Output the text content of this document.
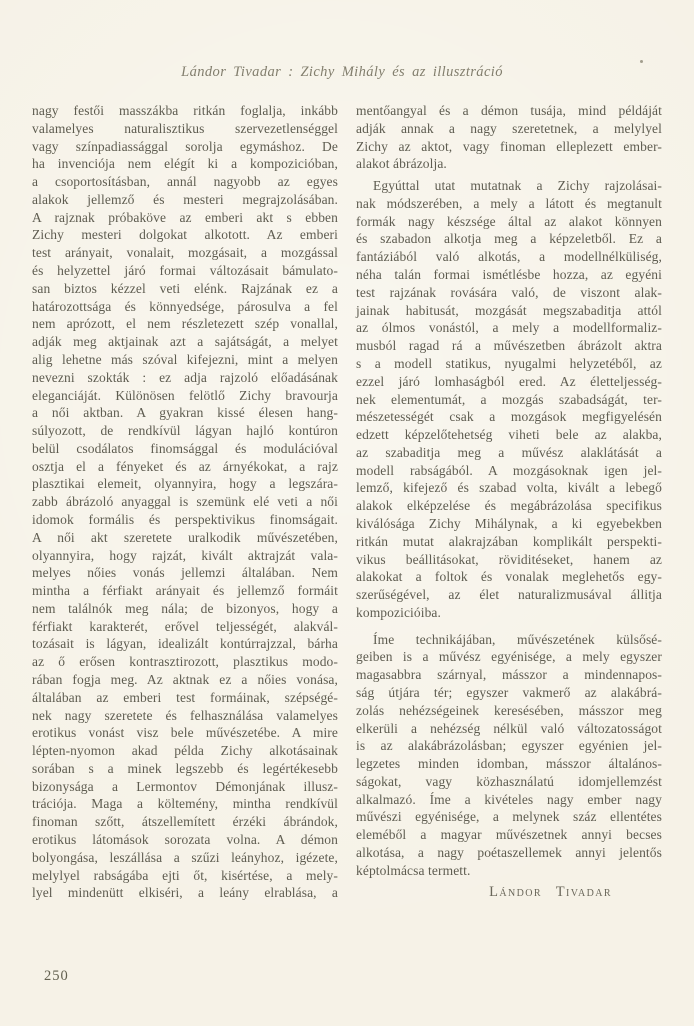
Lándor Tivadar : Zichy Mihály és az illusztráció
nagy festői masszákba ritkán foglalja, inkább
valamelyes naturalisztikus szervezetlenséggel
vagy színpadiassággal sorolja egymáshoz. De
ha invenciója nem elégít ki a kompozicióban,
a csoportosításban, annál nagyobb az egyes
alakok jellemző és mesteri megrajzolásában.
A rajznak próbaköve az emberi akt s ebben
Zichy mesteri dolgokat alkotott. Az emberi
test arányait, vonalait, mozgásait, a mozgással
és helyzettel járó formai változásait bámulato-
san biztos kézzel veti elénk. Rajzának ez a
határozottsága és könnyedsége, párosulva a fel
nem aprózott, el nem részletezett szép vonallal,
adják meg aktjainak azt a sajátságát, a melyet
alig lehetne más szóval kifejezni, mint a melyen
nevezni szokták : ez adja rajzoló előadásának
eleganciáját. Különösen felötlő Zichy bravourja
a női aktban. A gyakran kissé élesen hang-
súlyozott, de rendkívül lágyan hajló kontúron
belül csodálatos finomsággal és modulációval
osztja el a fényeket és az árnyékokat, a rajz
plasztikai elemeit, olyannyira, hogy a legszára-
zabb ábrázoló anyaggal is szemünk elé veti a női
idomok formális és perspektivikus finomságait.
A női akt szeretete uralkodik művészetében,
olyannyira, hogy rajzát, kivált aktrajzát vala-
melyes nőies vonás jellemzi általában. Nem
mintha a férfiakt arányait és jellemző formáit
nem találnók meg nála; de bizonyos, hogy a
férfiakt karakterét, erővel teljességét, alakvál-
tozásait is lágyan, idealizált kontúrrajzzal, bárha
az ő erősen kontrasztirozott, plasztikus modo-
rában fogja meg. Az aktnak ez a nőies vonása,
általában az emberi test formáinak, szépségé-
nek nagy szeretete és felhasználása valamelyes
erotikus vonást visz bele művészetébe. A mire
lépten-nyomon akad példa Zichy alkotásainak
sorában s a minek legszebb és legértékesebb
bizonysága a Lermontov Démonjának illusz-
trációja. Maga a költemény, mintha rendkívül
finoman szőtt, átszellemített érzéki ábrándok,
erotikus látomások sorozata volna. A démon
bolyongása, leszállása a szűzi leányhoz, igézete,
melylyel rabságába ejti őt, kisértése, a mely-
lyel mindenütt elkiséri, a leány elrablása, a
mentőangyal és a démon tusája, mind példáját
adják annak a nagy szeretetnek, a melylyel
Zichy az aktot, vagy finoman elleplezett ember-
alakot ábrázolja.
Egyúttal utat mutatnak a Zichy rajzolásai-
nak módszerében, a mely a látott és megtanult
formák nagy készsége által az alakot könnyen
és szabadon alkotja meg a képzeletből. Ez a
fantáziából való alkotás, a modellnélküliség,
néha talán formai ismétlésbe hozza, az egyéni
test rajzának rovására való, de viszont alak-
jainak habitusát, mozgását megszabaditja attól
az ólmos vonástól, a mely a modellformaliz-
musból ragad rá a művészetben ábrázolt aktra
s a modell statikus, nyugalmi helyzetéből, az
ezzel járó lomhaságból ered. Az életteljesség-
nek elementumát, a mozgás szabadságát, ter-
mészetességét csak a mozgások megfigyelésén
edzett képzelőtehetség viheti bele az alakba,
az szabaditja meg a művész alaklátását a
modell rabságából. A mozgásoknak igen jel-
lemző, kifejező és szabad volta, kivált a lebegő
alakok elképzelése és megábrázolása specifikus
kiválósága Zichy Mihálynak, a ki egyebekben
ritkán mutat alakrajzában komplikált perspekti-
vikus beállitásokat, röviditéseket, hanem az
alakokat a foltok és vonalak meglehetős egy-
szerűségével, az élet naturalizmusával állitja
kompozicióiba.
Íme technikájában, művészetének külsősé-
geiben is a művész egyénisége, a mely egyszer
magasabbra szárnyal, másszor a mindennapos-
ság útjára tér; egyszer vakmerő az alakábrá-
zolás nehézségeinek keresésében, másszor meg
elkerüli a nehézség nélkül való változatosságot
is az alakábrázolásban; egyszer egyénien jel-
legzetes minden idomban, másszor általános-
ságokat, vagy közhasználatú idomjellemzést
alkalmazó. Íme a kivételes nagy ember nagy
művészi egyénisége, a melynek száz ellentétes
eleméből a magyar művészetnek annyi becses
alkotása, a nagy poétaszellemek annyi jelentős
képtolmácsa termett.
Lándor Tivadar
250
